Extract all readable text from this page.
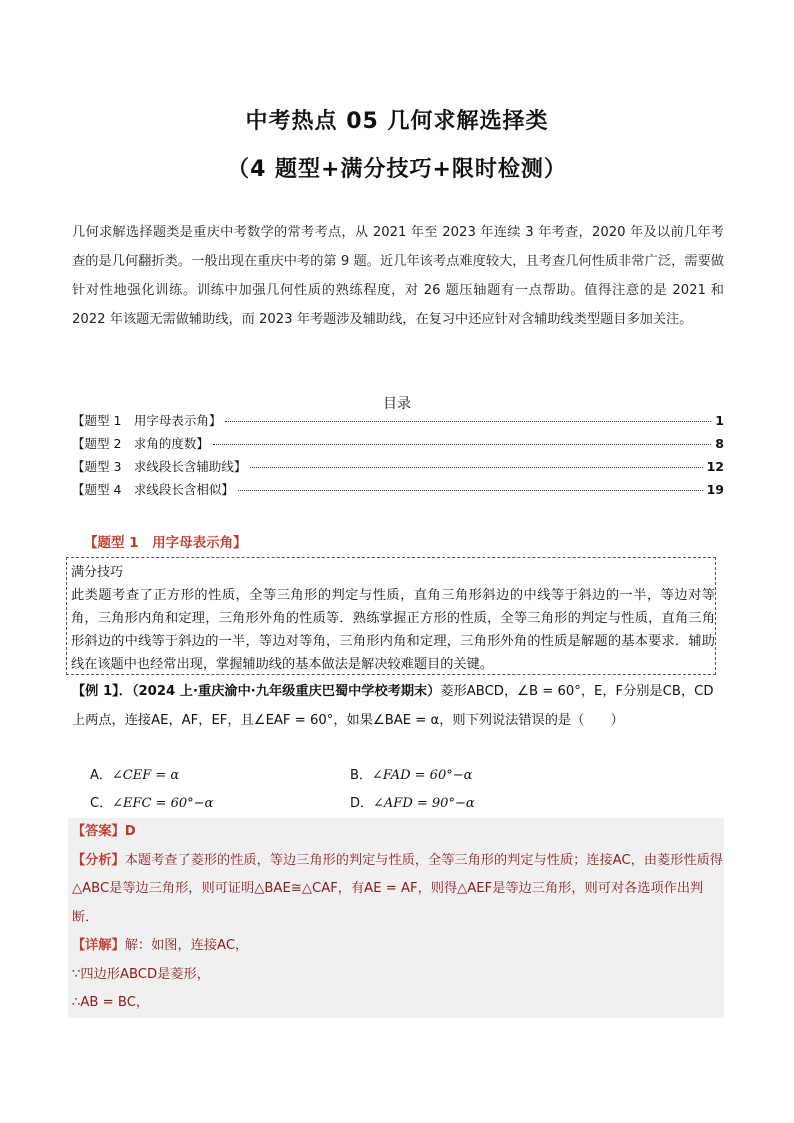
中考热点 05 几何求解选择类
（4 题型+满分技巧+限时检测）
几何求解选择题类是重庆中考数学的常考考点，从 2021 年至 2023 年连续 3 年考查，2020 年及以前几年考查的是几何翻折类。一般出现在重庆中考的第 9 题。近几年该考点难度较大，且考查几何性质非常广泛，需要做针对性地强化训练。训练中加强几何性质的熟练程度，对 26 题压轴题有一点帮助。值得注意的是 2021 和 2022 年该题无需做辅助线，而 2023 年考题涉及辅助线，在复习中还应针对含辅助线类型题目多加关注。
目录
【题型 1　用字母表示角】	1
【题型 2　求角的度数】	8
【题型 3　求线段长含辅助线】	12
【题型 4　求线段长含相似】	19
【题型 1　用字母表示角】
满分技巧
此类题考查了正方形的性质，全等三角形的判定与性质，直角三角形斜边的中线等于斜边的一半，等边对等角，三角形内角和定理，三角形外角的性质等．熟练掌握正方形的性质，全等三角形的判定与性质，直角三角形斜边的中线等于斜边的一半，等边对等角，三角形内角和定理，三角形外角的性质是解题的基本要求．辅助线在该题中也经常出现，掌握辅助线的基本做法是解决较难题目的关键。
【例 1】．（2024 上·重庆渝中·九年级重庆巴蜀中学校考期末）菱形ABCD，∠B = 60°，E，F分别是CB，CD上两点，连接AE，AF，EF，且∠EAF = 60°，如果∠BAE = α，则下列说法错误的是（　　）
A．∠CEF = α	B．∠FAD = 60°−α
C．∠EFC = 60°−α	D．∠AFD = 90°−α
【答案】D
【分析】本题考查了菱形的性质，等边三角形的判定与性质，全等三角形的判定与性质；连接AC，由菱形性质得△ABC是等边三角形，则可证明△BAE≅△CAF，有AE = AF，则得△AEF是等边三角形，则可对各选项作出判断．
【详解】解：如图，连接AC，
∵四边形ABCD是菱形，
∴AB = BC，
